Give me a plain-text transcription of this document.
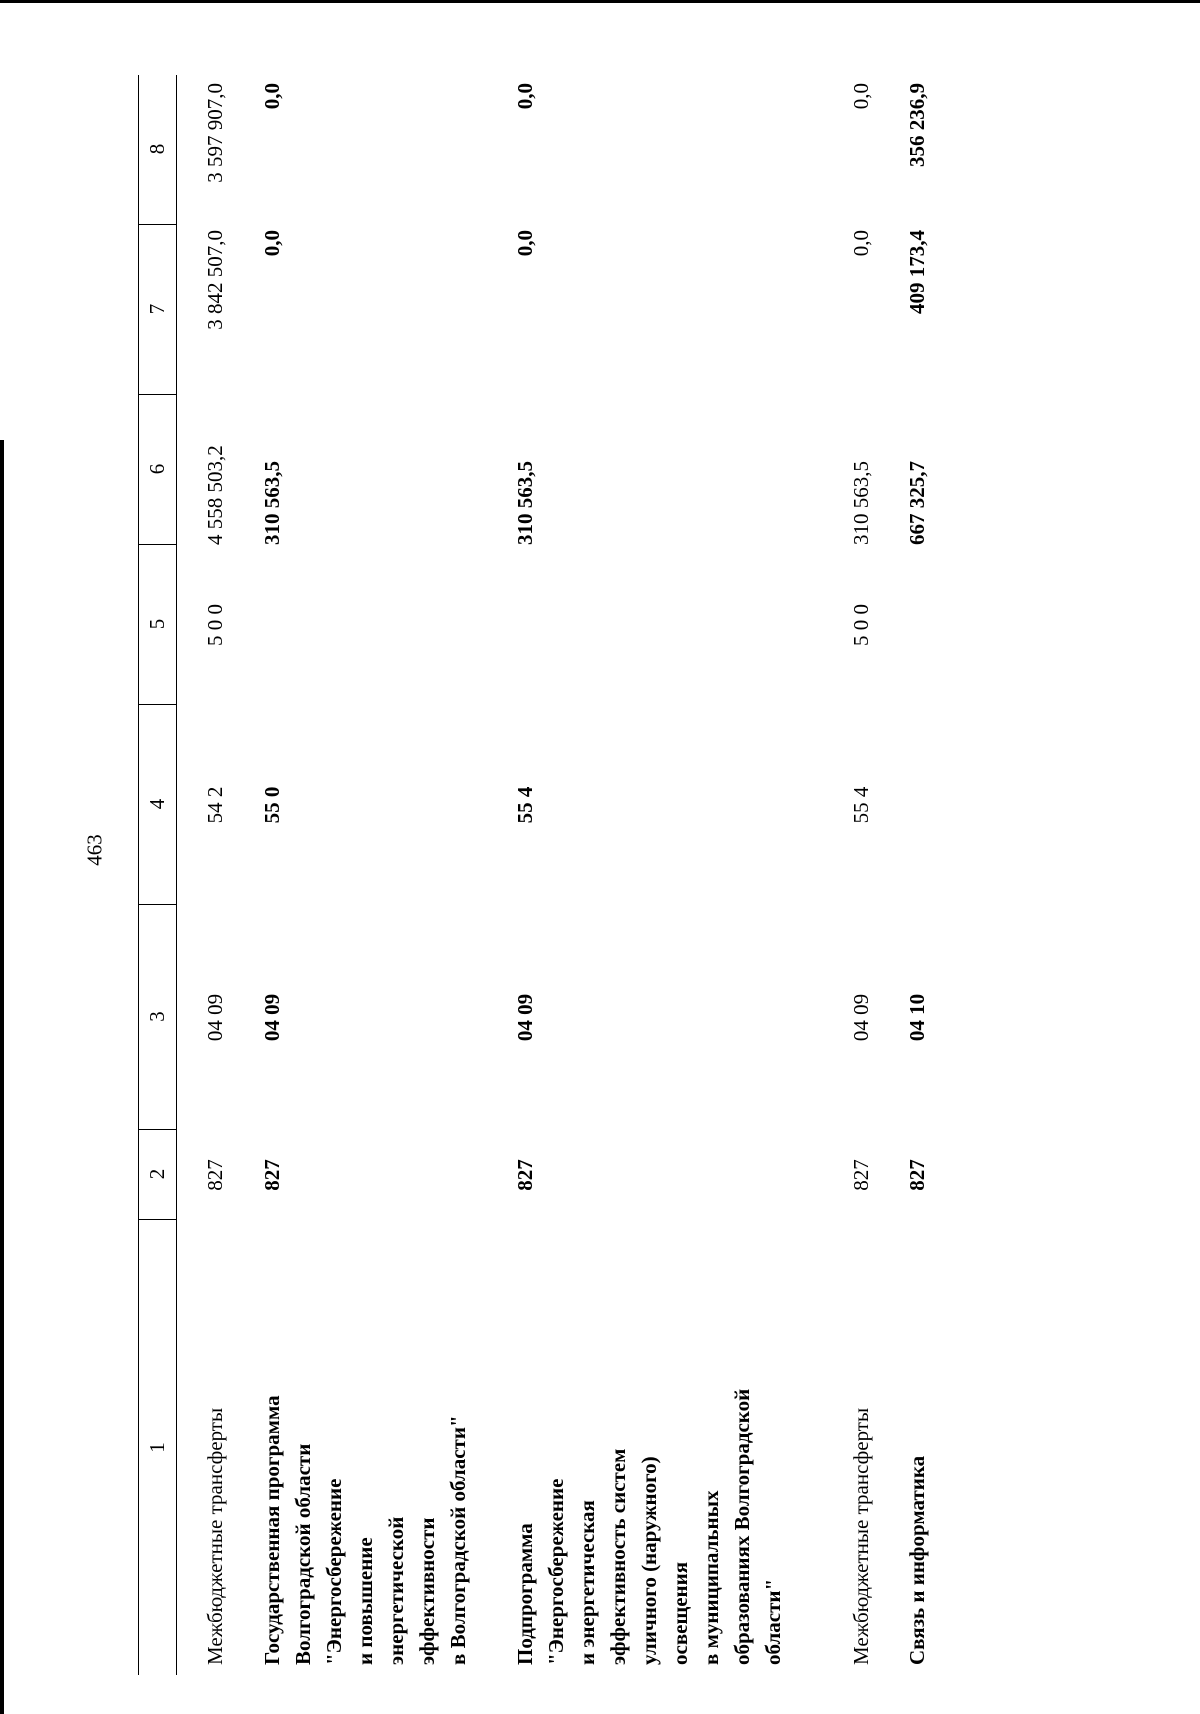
463
1
2
3
4
5
6
7
8
Межбюджетные трансферты
827
04 09
54 2
5 0 0
4 558 503,2
3 842 507,0
3 597 907,0
Государственная программа Волгоградской области "Энергосбережение и повышение энергетической эффективности в Волгоградской области"
827
04 09
55 0
310 563,5
0,0
0,0
Подпрограмма "Энергосбережение и энергетическая эффективность систем уличного (наружного) освещения в муниципальных образованиях Волгоградской области"
827
04 09
55 4
310 563,5
0,0
0,0
Межбюджетные трансферты
827
04 09
55 4
5 0 0
310 563,5
0,0
0,0
Связь и информатика
827
04 10
667 325,7
409 173,4
356 236,9
